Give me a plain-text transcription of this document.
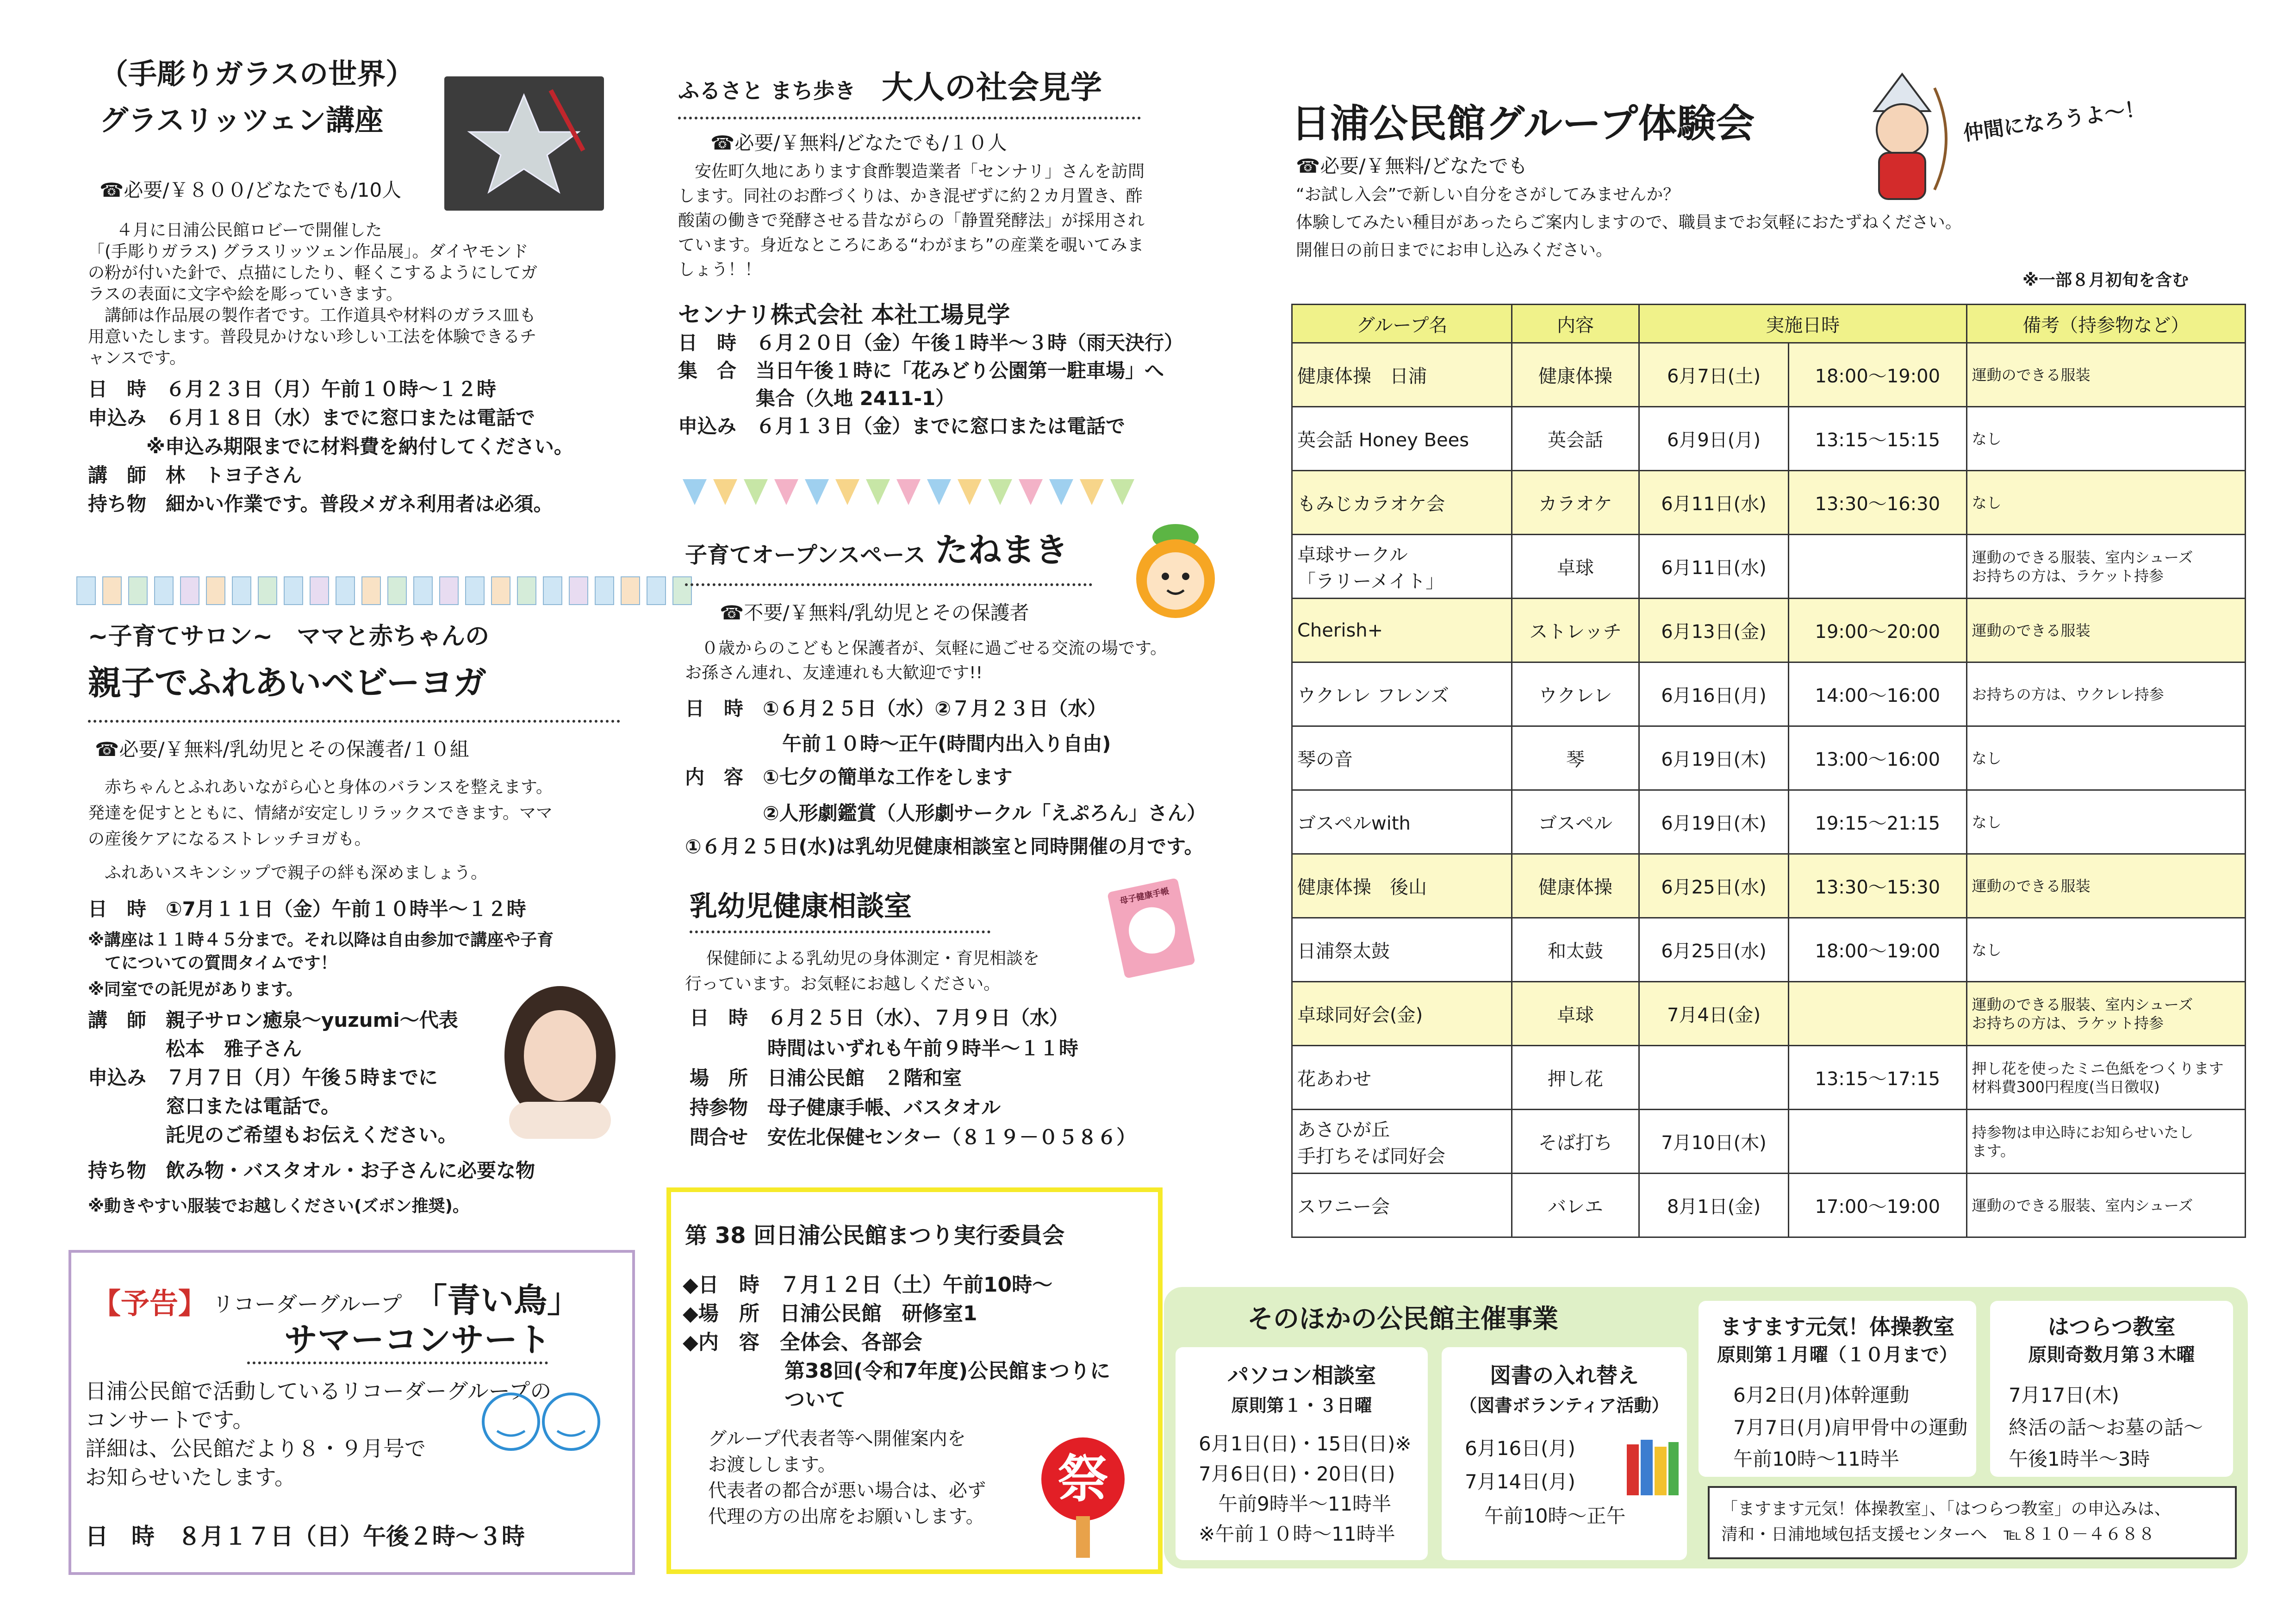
（手彫りガラスの世界）
グラスリッツェン講座
☎必要/￥８００/どなたでも/10人
　４月に日浦公民館ロビーで開催した
「(手彫りガラス) グラスリッツェン作品展」。ダイヤモンド
の粉が付いた針で、点描にしたり、軽くこするようにしてガ
ラスの表面に文字や絵を彫っていきます。
　講師は作品展の製作者です。工作道具や材料のガラス皿も
用意いたします。普段見かけない珍しい工法を体験できるチ
ャンスです。
日　時　６月２３日（月）午前１０時～１２時
申込み　６月１８日（水）までに窓口または電話で
　　　※申込み期限までに材料費を納付してください。
講　師　林　トヨ子さん
持ち物　細かい作業です。普段メガネ利用者は必須。
~子育てサロン~　ママと赤ちゃんの
親子でふれあいベビーヨガ
☎必要/￥無料/乳幼児とその保護者/１０組
　赤ちゃんとふれあいながら心と身体のバランスを整えます。
発達を促すとともに、情緒が安定しリラックスできます。ママ
の産後ケアになるストレッチヨガも。
　ふれあいスキンシップで親子の絆も深めましょう。
日　時　①7月１１日（金）午前１０時半～１２時
※講座は１１時４５分まで。それ以降は自由参加で講座や子育
　てについての質問タイムです！
※同室での託児があります。
講　師　親子サロン癒泉～yuzumi～代表
　　　　松本　雅子さん
申込み　７月７日（月）午後５時までに
　　　　窓口または電話で。
　　　　託児のご希望もお伝えください。
持ち物　飲み物・バスタオル・お子さんに必要な物
※動きやすい服装でお越しください(ズボン推奨)。
【予告】 リコーダーグループ 「青い鳥」
サマーコンサート
日浦公民館で活動しているリコーダーグループの
コンサートです。
詳細は、公民館だより８・９月号で
お知らせいたします。
日　時　８月１７日（日）午後２時～３時
ふるさと まち歩き 大人の社会見学
☎必要/￥無料/どなたでも/１０人
　安佐町久地にあります食酢製造業者「センナリ」さんを訪問
します。同社のお酢づくりは、かき混ぜずに約２カ月置き、酢
酸菌の働きで発酵させる昔ながらの「静置発酵法」が採用され
ています。身近なところにある“わがまち”の産業を覗いてみま
しょう！！
センナリ株式会社 本社工場見学
日　時　６月２０日（金）午後１時半～３時（雨天決行）
集　合　当日午後１時に「花みどり公園第一駐車場」へ
　　　　集合（久地 2411-1）
申込み　６月１３日（金）までに窓口または電話で
子育てオープンスペース たねまき
☎不要/￥無料/乳幼児とその保護者
　０歳からのこどもと保護者が、気軽に過ごせる交流の場です。
お孫さん連れ、友達連れも大歓迎です!!
日　時　①６月２５日（水）②７月２３日（水）
　　　　　午前１０時～正午(時間内出入り自由)
内　容　①七夕の簡単な工作をします
　　　　②人形劇鑑賞（人形劇サークル「えぷろん」さん）
①６月２５日(水)は乳幼児健康相談室と同時開催の月です。
乳幼児健康相談室	母子健康手帳
　保健師による乳幼児の身体測定・育児相談を
行っています。お気軽にお越しください。
日　時　６月２５日（水）、７月９日（水）
　　　　時間はいずれも午前９時半～１１時
場　所　日浦公民館　２階和室
持参物　母子健康手帳、バスタオル
問合せ　安佐北保健センター（８１９－０５８６）
第 38 回日浦公民館まつり実行委員会
◆日　時　７月１２日（土）午前10時～
◆場　所　日浦公民館　研修室1
◆内　容　全体会、各部会
　　　　　第38回(令和7年度)公民館まつりに
　　　　　ついて
　グループ代表者等へ開催案内を
　お渡しします。
　代表者の都合が悪い場合は、必ず
　代理の方の出席をお願いします。
祭
日浦公民館グループ体験会	仲間になろうよ～！
☎必要/￥無料/どなたでも
“お試し入会”で新しい自分をさがしてみませんか？
体験してみたい種目があったらご案内しますので、職員までお気軽におたずねください。
開催日の前日までにお申し込みください。
※一部８月初旬を含む
グループ名	内容	実施日時		備考（持参物など）
健康体操　日浦	健康体操	6月7日(土)	18:00～19:00	運動のできる服装
英会話 Honey Bees	英会話	6月9日(月)	13:15～15:15	なし
もみじカラオケ会	カラオケ	6月11日(水)	13:30～16:30	なし
卓球サークル
「ラリーメイト」	卓球	6月11日(水)		運動のできる服装、室内シューズ
お持ちの方は、ラケット持参
Cherish+	ストレッチ	6月13日(金)	19:00～20:00	運動のできる服装
ウクレレ フレンズ	ウクレレ	6月16日(月)	14:00～16:00	お持ちの方は、ウクレレ持参
琴の音	琴	6月19日(木)	13:00～16:00	なし
ゴスペルwith	ゴスペル	6月19日(木)	19:15～21:15	なし
健康体操　後山	健康体操	6月25日(水)	13:30～15:30	運動のできる服装
日浦祭太鼓	和太鼓	6月25日(水)	18:00～19:00	なし
卓球同好会(金)	卓球	7月4日(金)		運動のできる服装、室内シューズ
お持ちの方は、ラケット持参
花あわせ	押し花		13:15～17:15	押し花を使ったミニ色紙をつくります
材料費300円程度(当日徴収)
あさひが丘
手打ちそば同好会	そば打ち	7月10日(木)		持参物は申込時にお知らせいたし
ます。
スワニー会	バレエ	8月1日(金)	17:00～19:00	運動のできる服装、室内シューズ
そのほかの公民館主催事業
パソコン相談室
原則第１・３日曜
6月1日(日)・15日(日)※
7月6日(日)・20日(日)
　午前9時半～11時半
※午前１０時～11時半
図書の入れ替え
（図書ボランティア活動）
6月16日(月)
7月14日(月)
　午前10時～正午
ますます元気！体操教室
原則第１月曜（１０月まで）
6月2日(月)体幹運動
7月7日(月)肩甲骨中の運動
午前10時～11時半
はつらつ教室
原則奇数月第３木曜
7月17日(木)
終活の話～お墓の話～
午後1時半～3時
「ますます元気！体操教室」、「はつらつ教室」の申込みは、
清和・日浦地域包括支援センターへ　℡８１０－４６８８
